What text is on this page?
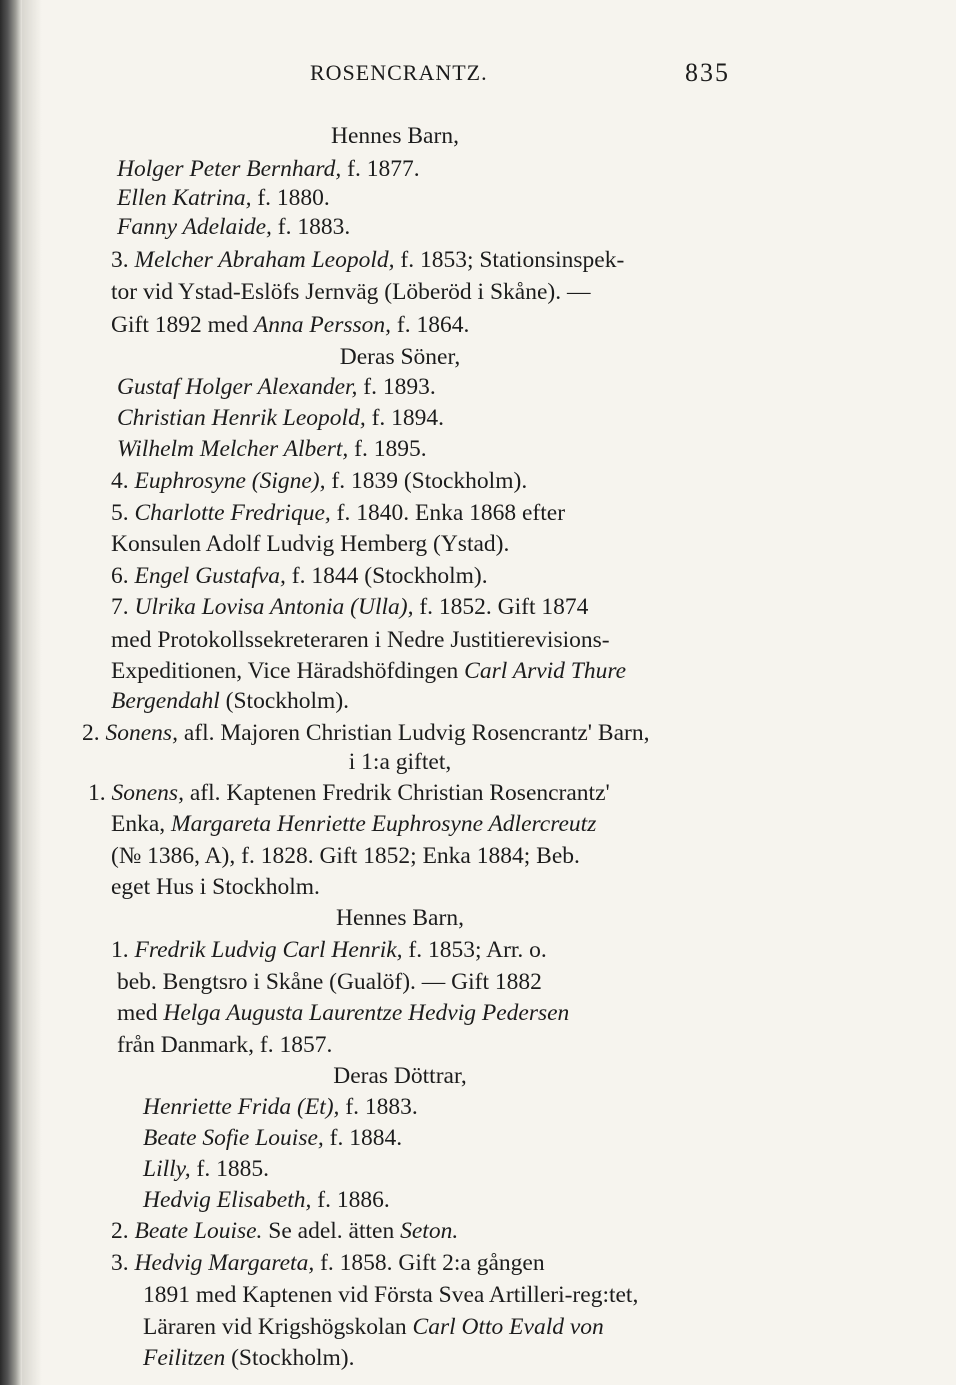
ROSENCRANTZ.	835
Hennes Barn,
Holger Peter Bernhard, f. 1877.
Ellen Katrina, f. 1880.
Fanny Adelaide, f. 1883.
3. Melcher Abraham Leopold, f. 1853; Stationsinspek-
tor vid Ystad-Eslöfs Jernväg (Löberöd i Skåne). —
Gift 1892 med Anna Persson, f. 1864.
Deras Söner,
Gustaf Holger Alexander, f. 1893.
Christian Henrik Leopold, f. 1894.
Wilhelm Melcher Albert, f. 1895.
4. Euphrosyne (Signe), f. 1839 (Stockholm).
5. Charlotte Fredrique, f. 1840. Enka 1868 efter
Konsulen Adolf Ludvig Hemberg (Ystad).
6. Engel Gustafva, f. 1844 (Stockholm).
7. Ulrika Lovisa Antonia (Ulla), f. 1852. Gift 1874
med Protokollssekreteraren i Nedre Justitierevisions-
Expeditionen, Vice Häradshöfdingen Carl Arvid Thure
Bergendahl (Stockholm).
2. Sonens, afl. Majoren Christian Ludvig Rosencrantz' Barn,
i 1:a giftet,
1. Sonens, afl. Kaptenen Fredrik Christian Rosencrantz'
Enka, Margareta Henriette Euphrosyne Adlercreutz
(№ 1386, A), f. 1828. Gift 1852; Enka 1884; Beb.
eget Hus i Stockholm.
Hennes Barn,
1. Fredrik Ludvig Carl Henrik, f. 1853; Arr. o.
beb. Bengtsro i Skåne (Gualöf). — Gift 1882
med Helga Augusta Laurentze Hedvig Pedersen
från Danmark, f. 1857.
Deras Döttrar,
Henriette Frida (Et), f. 1883.
Beate Sofie Louise, f. 1884.
Lilly, f. 1885.
Hedvig Elisabeth, f. 1886.
2. Beate Louise. Se adel. ätten Seton.
3. Hedvig Margareta, f. 1858. Gift 2:a gången
1891 med Kaptenen vid Första Svea Artilleri-reg:tet,
Läraren vid Krigshögskolan Carl Otto Evald von
Feilitzen (Stockholm).
